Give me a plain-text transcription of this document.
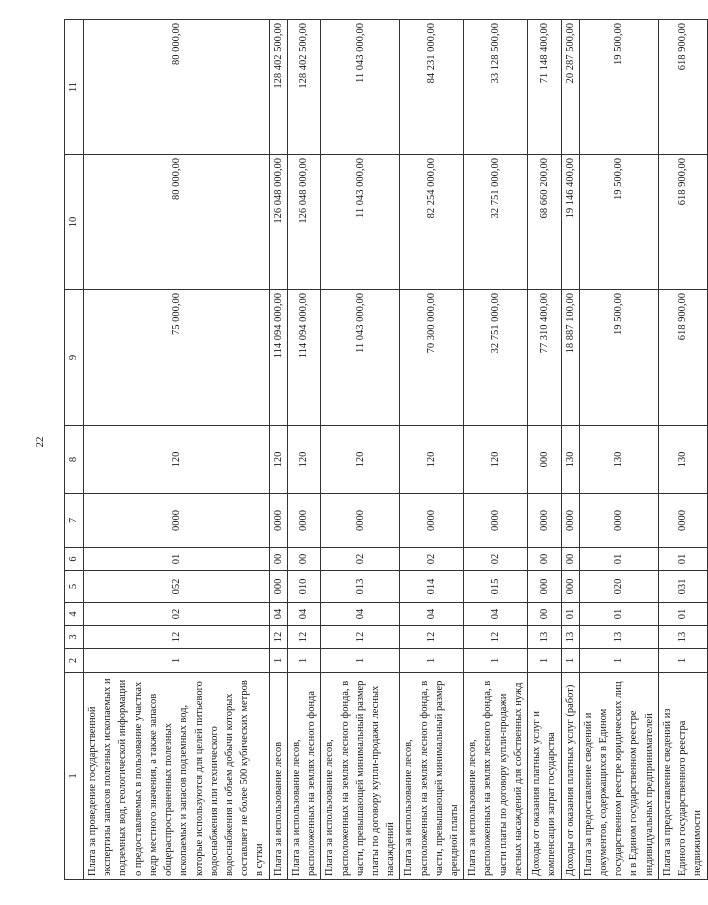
22
1	2	3	4	5	6	7	8	9	10	11
Плата за проведение государственной экспертизы запасов полезных ископаемых и подземных вод, геологической информации о предоставляемых в пользование участках недр местного значения, а также запасов общераспространенных полезных ископаемых и запасов подземных вод, которые используются для целей питьевого водоснабжения или технического водоснабжения и объем добычи которых составляет не более 500 кубических метров в сутки	1	12	02	052	01	0000	120	75 000,00	80 000,00	80 000,00
Плата за использование лесов	1	12	04	000	00	0000	120	114 094 000,00	126 048 000,00	128 402 500,00
Плата за использование лесов, расположенных на землях лесного фонда	1	12	04	010	00	0000	120	114 094 000,00	126 048 000,00	128 402 500,00
Плата за использование лесов, расположенных на землях лесного фонда, в части, превышающей минимальный размер платы по договору купли-продажи лесных насаждений	1	12	04	013	02	0000	120	11 043 000,00	11 043 000,00	11 043 000,00
Плата за использование лесов, расположенных на землях лесного фонда, в части, превышающей минимальный размер арендной платы	1	12	04	014	02	0000	120	70 300 000,00	82 254 000,00	84 231 000,00
Плата за использование лесов, расположенных на землях лесного фонда, в части платы по договору купли-продажи лесных насаждений для собственных нужд	1	12	04	015	02	0000	120	32 751 000,00	32 751 000,00	33 128 500,00
Доходы от оказания платных услуг и компенсации затрат государства	1	13	00	000	00	0000	000	77 310 400,00	68 660 200,00	71 148 400,00
Доходы от оказания платных услуг (работ)	1	13	01	000	00	0000	130	18 887 100,00	19 146 400,00	20 287 500,00
Плата за предоставление сведений и документов, содержащихся в Едином государственном реестре юридических лиц и в Едином государственном реестре индивидуальных предпринимателей	1	13	01	020	01	0000	130	19 500,00	19 500,00	19 500,00
Плата за предоставление сведений из Единого государственного реестра недвижимости	1	13	01	031	01	0000	130	618 900,00	618 900,00	618 900,00
